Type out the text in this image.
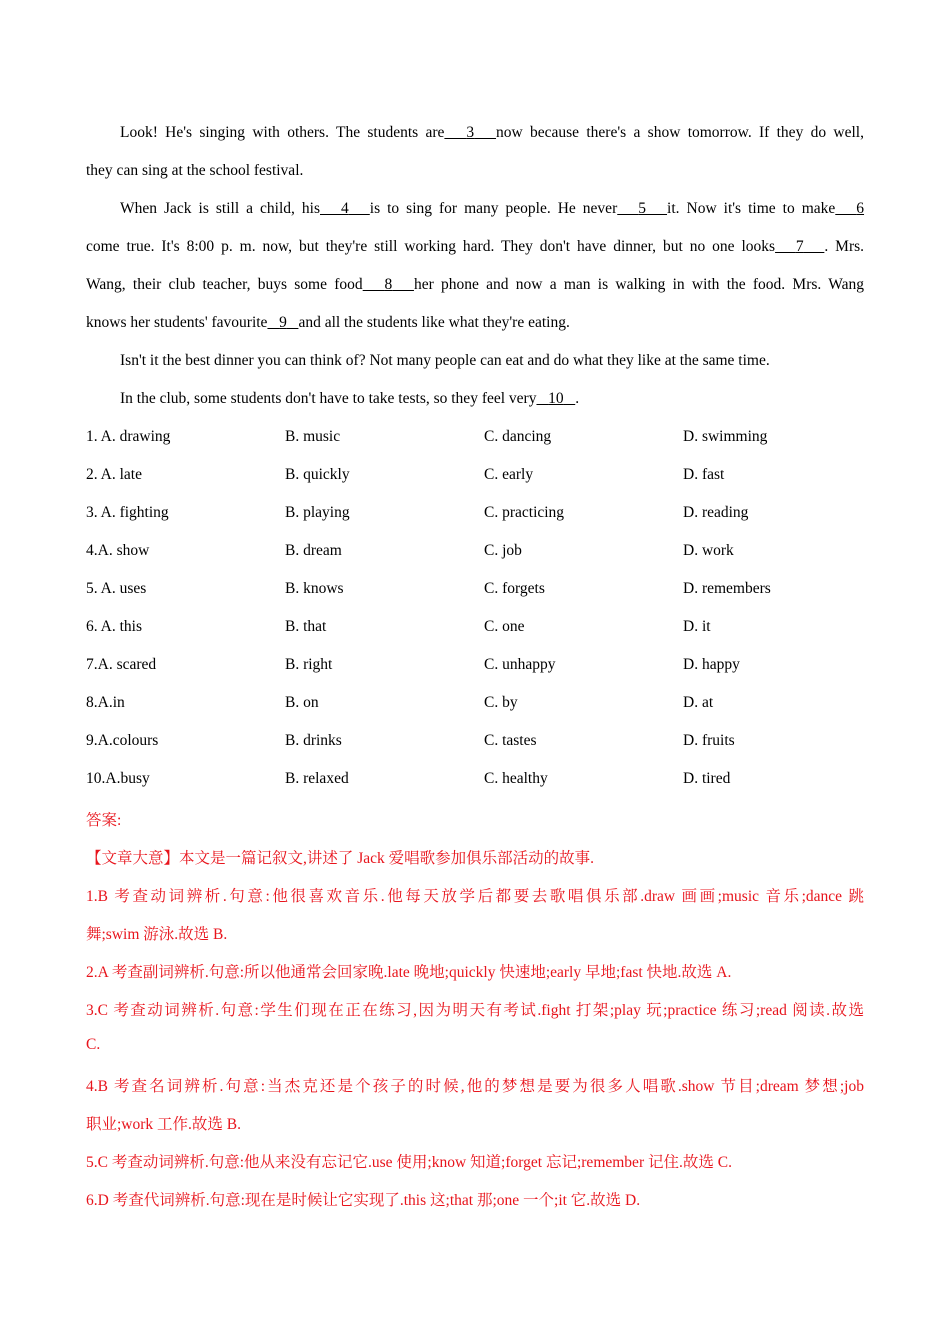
Look! He's singing with others. The students are 3 now because there's a show tomorrow. If they do well,
they can sing at the school festival.
When Jack is still a child, his 4 is to sing for many people. He never 5 it. Now it's time to make 6
come true. It's 8:00 p. m. now, but they're still working hard. They don't have dinner, but no one looks 7 . Mrs.
Wang, their club teacher, buys some food 8 her phone and now a man is walking in with the food. Mrs. Wang
knows her students' favourite 9 and all the students like what they're eating.
Isn't it the best dinner you can think of? Not many people can eat and do what they like at the same time.
In the club, some students don't have to take tests, so they feel very 10 .
1. A. drawing	B. music	C. dancing	D. swimming
2. A. late	B. quickly	C. early	D. fast
3. A. fighting	B. playing	C. practicing	D. reading
4.A. show	B. dream	C. job	D. work
5. A. uses	B. knows	C. forgets	D. remembers
6. A. this	B. that	C. one	D. it
7.A. scared	B. right	C. unhappy	D. happy
8.A.in	B. on	C. by	D. at
9.A.colours	B. drinks	C. tastes	D. fruits
10.A.busy	B. relaxed	C. healthy	D. tired
答案:
【文章大意】本文是一篇记叙文,讲述了 Jack 爱唱歌参加俱乐部活动的故事.
1.B 考查动词辨析.句意:他很喜欢音乐.他每天放学后都要去歌唱俱乐部.draw 画画;music 音乐;dance 跳
舞;swim 游泳.故选 B.
2.A 考查副词辨析.句意:所以他通常会回家晚.late 晚地;quickly 快速地;early 早地;fast 快地.故选 A.
3.C 考查动词辨析.句意:学生们现在正在练习,因为明天有考试.fight 打架;play 玩;practice 练习;read 阅读.故选
C.
4.B 考查名词辨析.句意:当杰克还是个孩子的时候,他的梦想是要为很多人唱歌.show 节目;dream 梦想;job
职业;work 工作.故选 B.
5.C 考查动词辨析.句意:他从来没有忘记它.use 使用;know 知道;forget 忘记;remember 记住.故选 C.
6.D 考查代词辨析.句意:现在是时候让它实现了.this 这;that 那;one 一个;it 它.故选 D.
